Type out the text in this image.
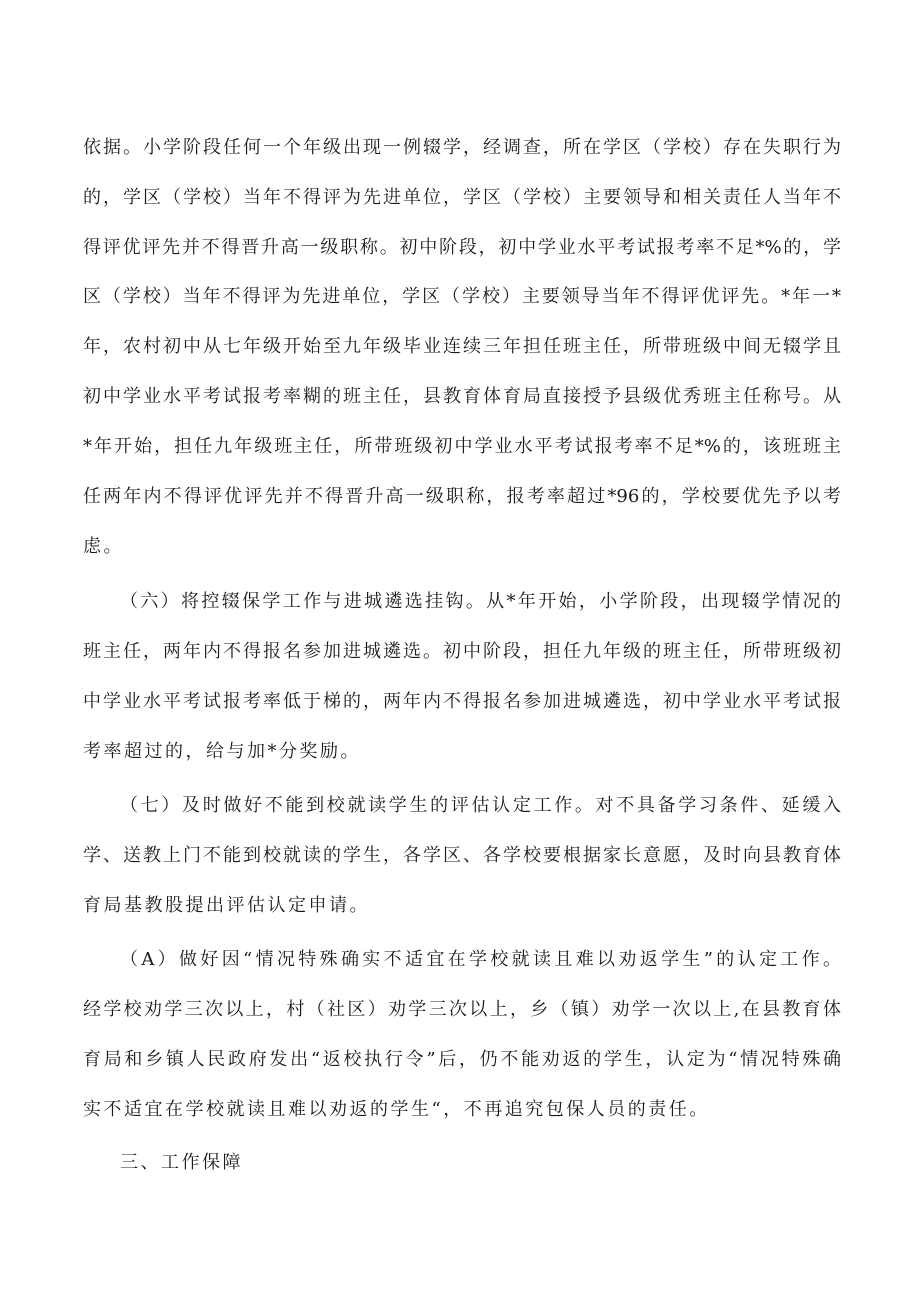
依据。小学阶段任何一个年级出现一例辍学，经调查，所在学区（学校）存在失职行为
的，学区（学校）当年不得评为先进单位，学区（学校）主要领导和相关责任人当年不
得评优评先并不得晋升高一级职称。初中阶段，初中学业水平考试报考率不足*%的，学
区（学校）当年不得评为先进单位，学区（学校）主要领导当年不得评优评先。*年一*
年，农村初中从七年级开始至九年级毕业连续三年担任班主任，所带班级中间无辍学且
初中学业水平考试报考率糊的班主任，县教育体育局直接授予县级优秀班主任称号。从
*年开始，担任九年级班主任，所带班级初中学业水平考试报考率不足*%的，该班班主
任两年内不得评优评先并不得晋升高一级职称，报考率超过*96的，学校要优先予以考
虑。
（六）将控辍保学工作与进城遴选挂钩。从*年开始，小学阶段，出现辍学情况的
班主任，两年内不得报名参加进城遴选。初中阶段，担任九年级的班主任，所带班级初
中学业水平考试报考率低于梯的，两年内不得报名参加进城遴选，初中学业水平考试报
考率超过的，给与加*分奖励。
（七）及时做好不能到校就读学生的评估认定工作。对不具备学习条件、延缓入
学、送教上门不能到校就读的学生，各学区、各学校要根据家长意愿，及时向县教育体
育局基教股提出评估认定申请。
（A）做好因“情况特殊确实不适宜在学校就读且难以劝返学生”的认定工作。
经学校劝学三次以上，村（社区）劝学三次以上，乡（镇）劝学一次以上,在县教育体
育局和乡镇人民政府发出“返校执行令”后，仍不能劝返的学生，认定为“情况特殊确
实不适宜在学校就读且难以劝返的学生“，不再追究包保人员的责任。
三、工作保障
